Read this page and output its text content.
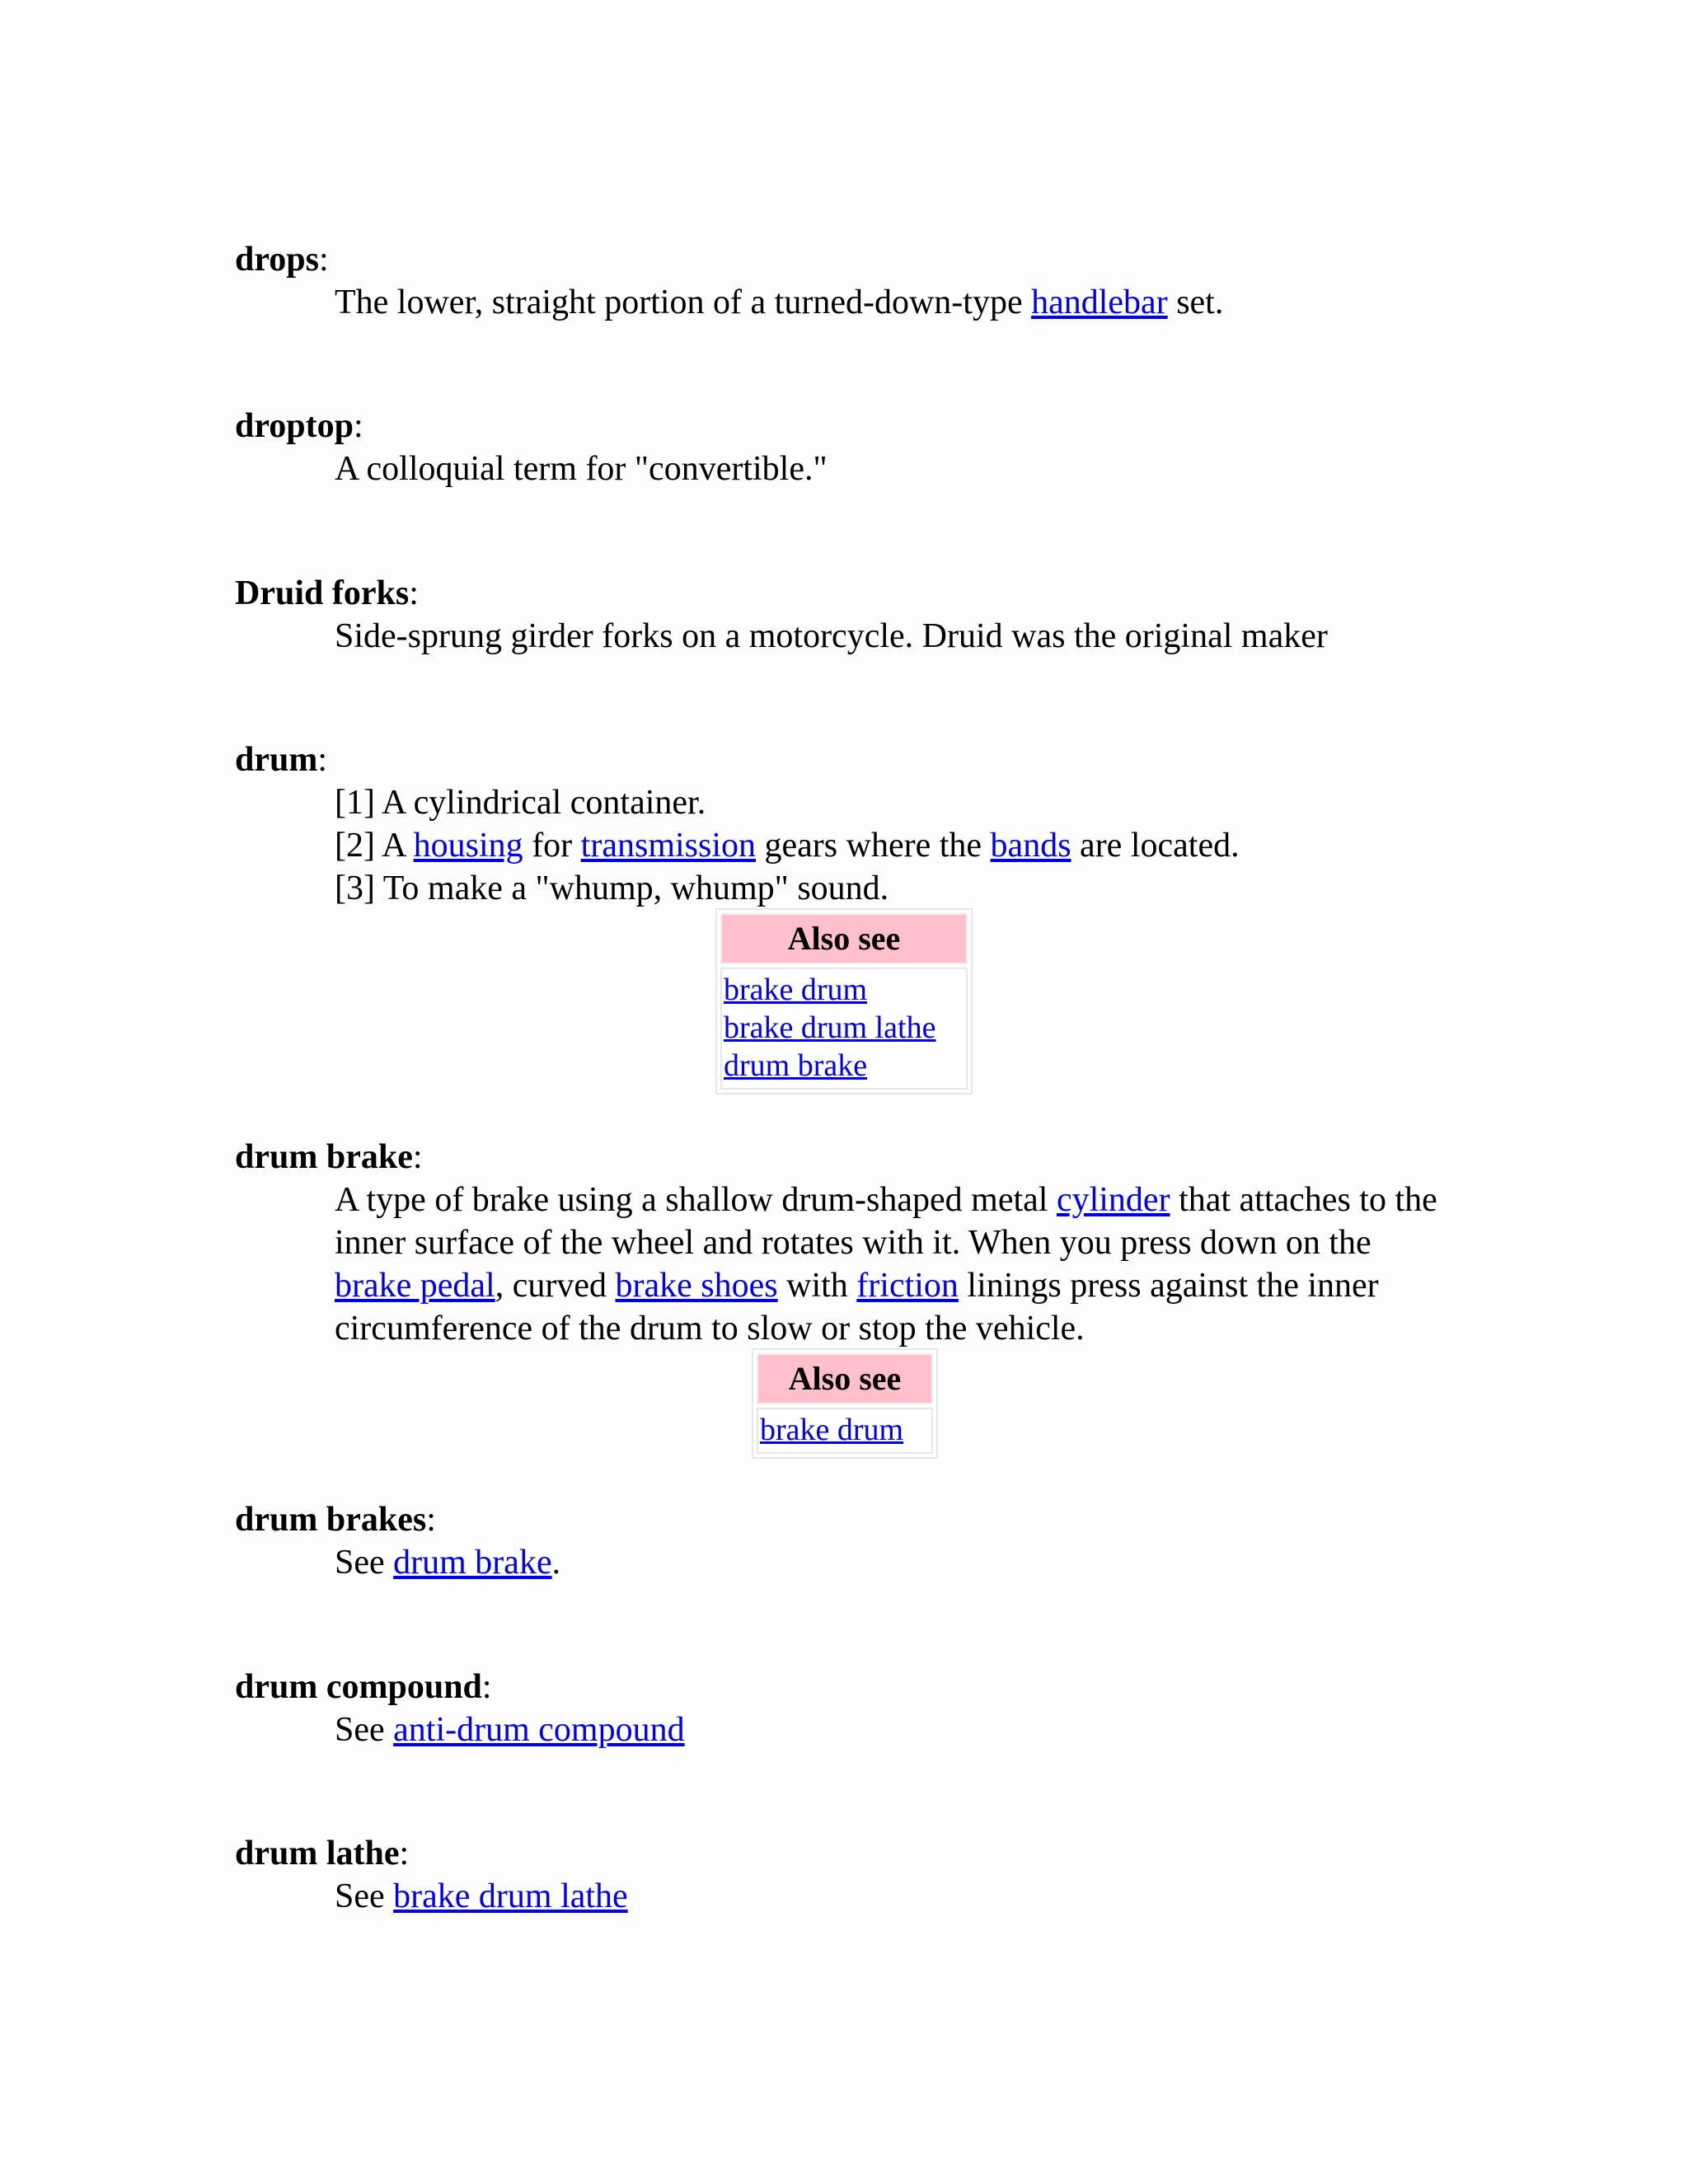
drops:
The lower, straight portion of a turned-down-type handlebar set.
droptop:
A colloquial term for "convertible."
Druid forks:
Side-sprung girder forks on a motorcycle. Druid was the original maker
drum:
[1] A cylindrical container.
[2] A housing for transmission gears where the bands are located.
[3] To make a "whump, whump" sound.
Also see
brake drum
brake drum lathe
drum brake
drum brake:
A type of brake using a shallow drum-shaped metal cylinder that attaches to the inner surface of the wheel and rotates with it. When you press down on the brake pedal, curved brake shoes with friction linings press against the inner circumference of the drum to slow or stop the vehicle.
Also see
brake drum
drum brakes:
See drum brake.
drum compound:
See anti-drum compound
drum lathe:
See brake drum lathe
